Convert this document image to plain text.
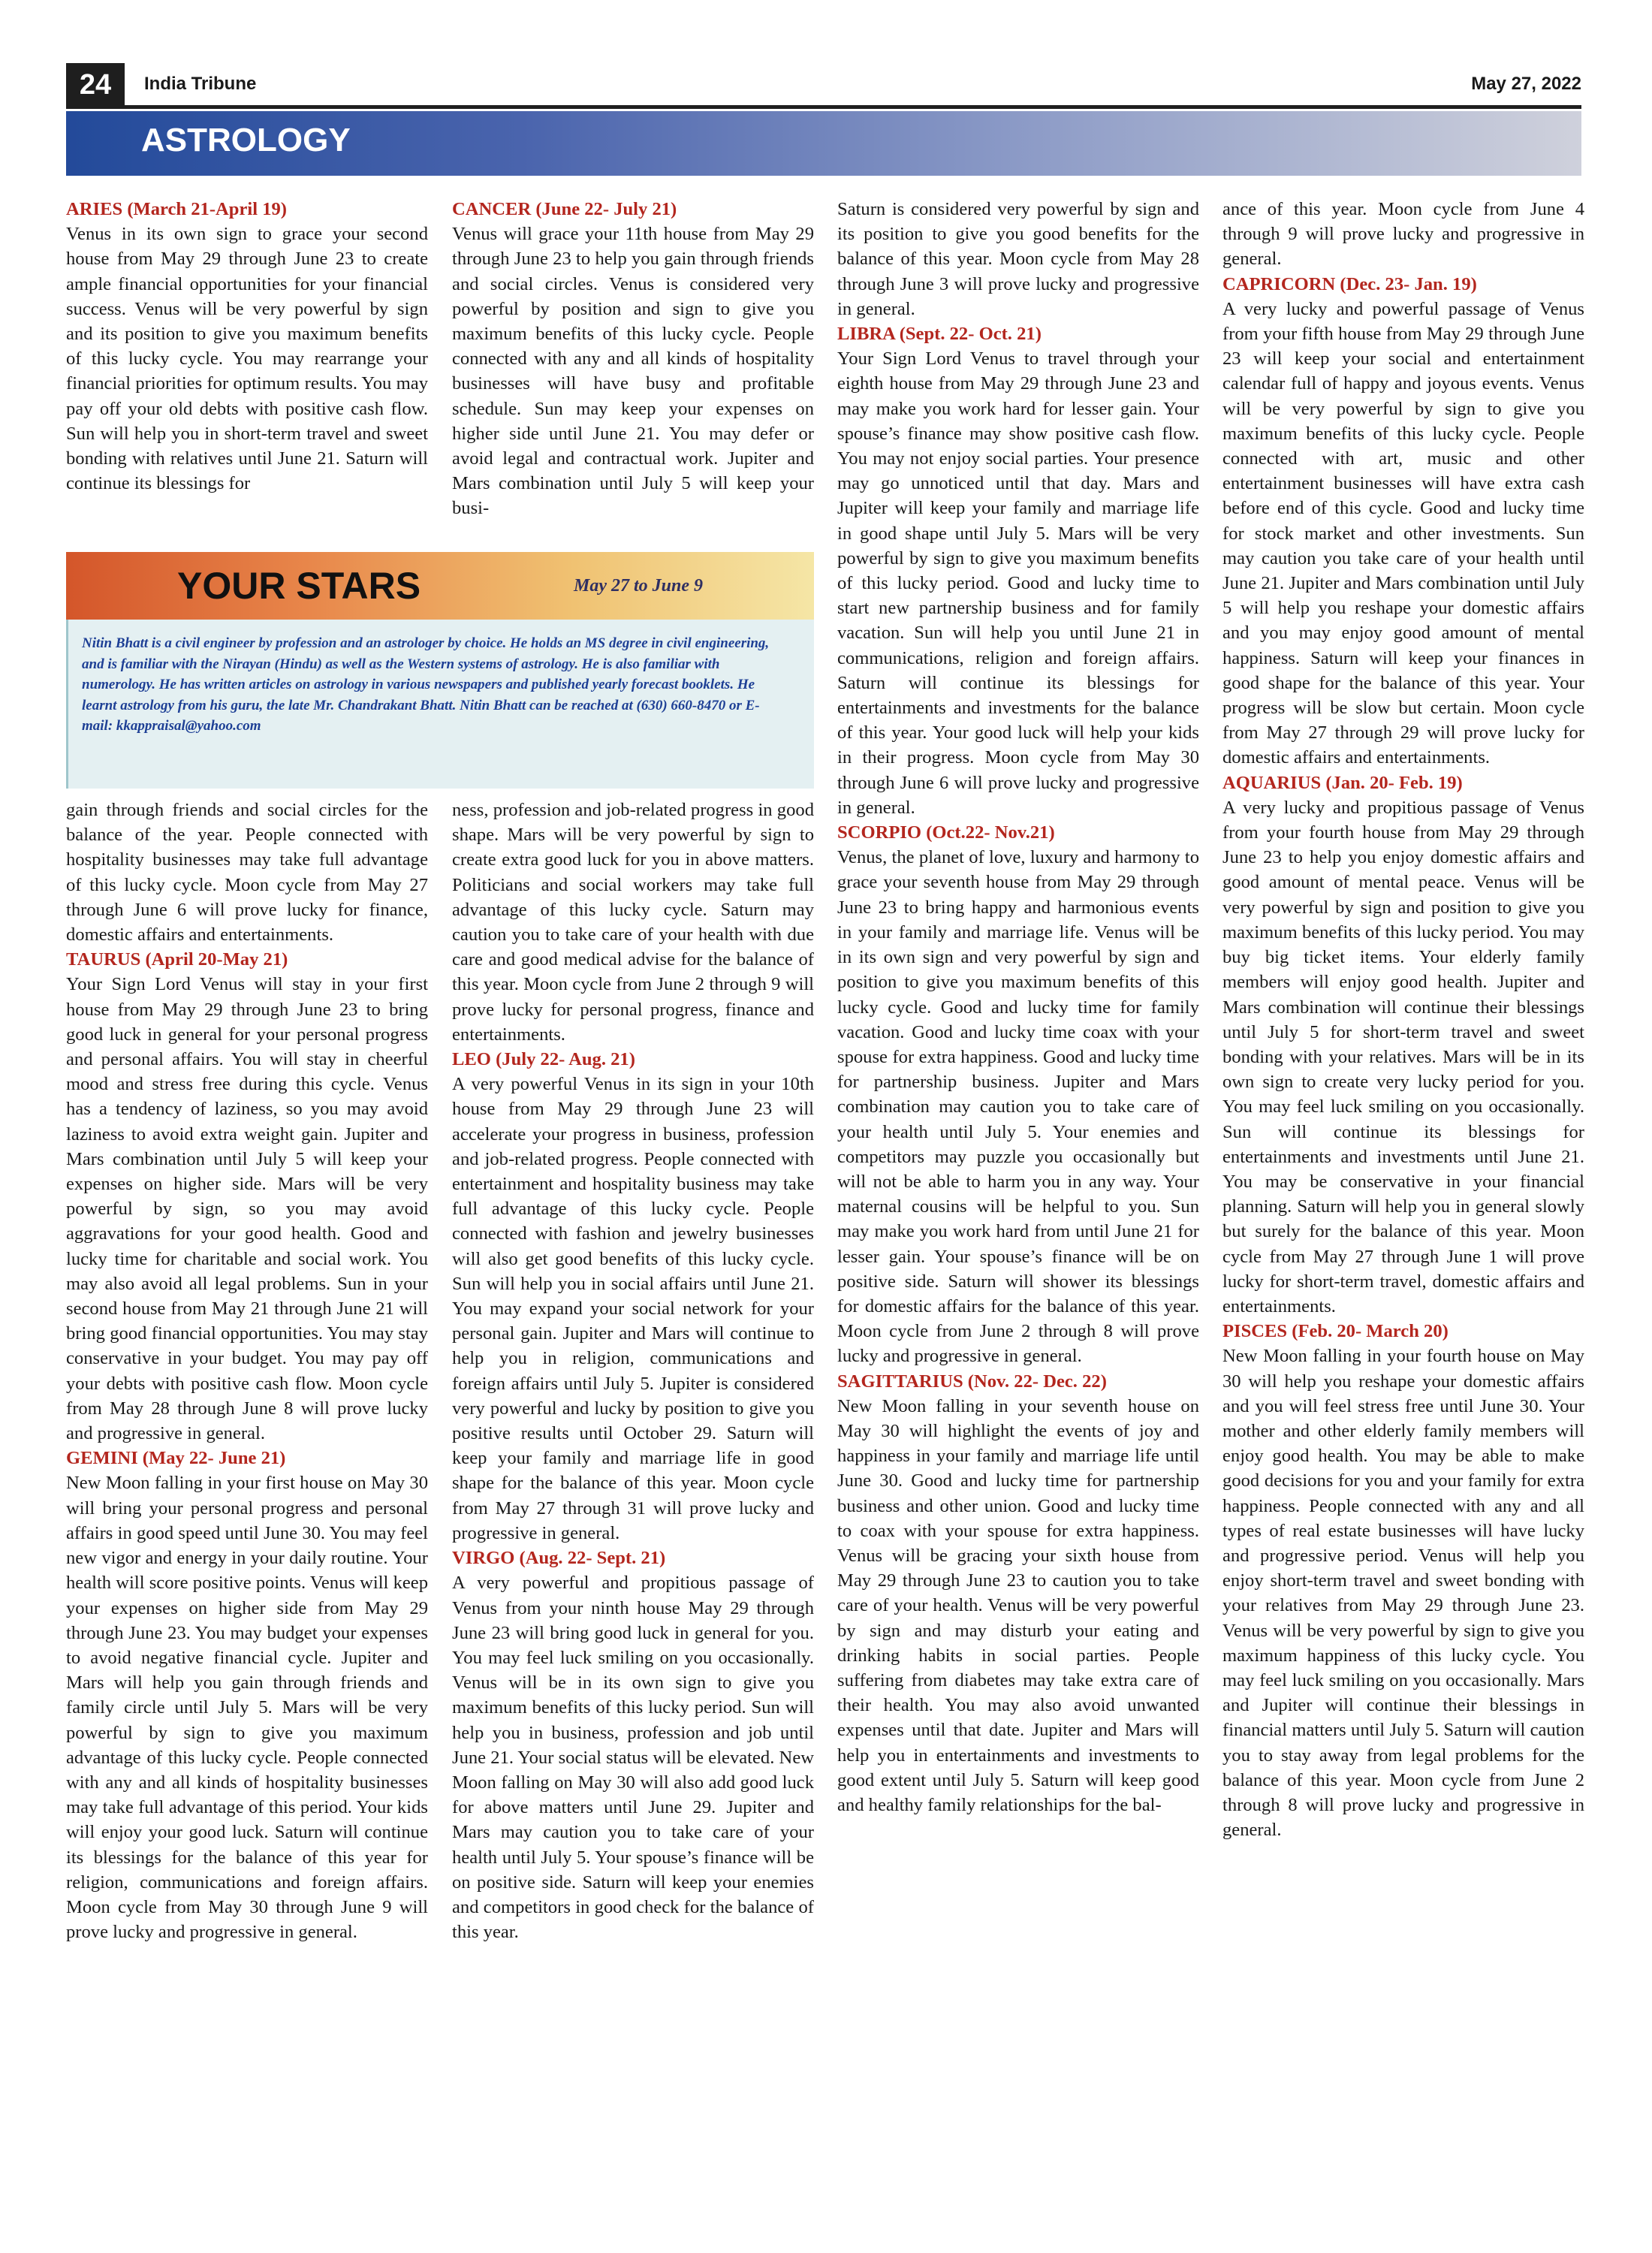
24	India Tribune	May 27, 2022
ASTROLOGY

ARIES (March 21-April 19)

Venus in its own sign to grace your second house from May 29 through June 23 to create ample financial opportunities for your financial success. Venus will be very powerful by sign and its position to give you maximum benefits of this lucky cycle. You may rearrange your financial priorities for optimum results. You may pay off your old debts with positive cash flow. Sun will help you in short-term travel and sweet bonding with relatives until June 21. Saturn will continue its blessings for

CANCER (June 22- July 21)

Venus will grace your 11th house from May 29 through June 23 to help you gain through friends and social circles. Venus is considered very powerful by position and sign to give you maximum benefits of this lucky cycle. People connected with any and all kinds of hospitality businesses will have busy and profitable schedule. Sun may keep your expenses on higher side until June 21. You may defer or avoid legal and contractual work. Jupiter and Mars combination until July 5 will keep your busi-

YOUR STARS	May 27 to June 9

Nitin Bhatt is a civil engineer by profession and an astrologer by choice. He holds an MS degree in civil engineering, and is familiar with the Nirayan (Hindu) as well as the Western systems of astrology. He is also familiar with numerology. He has written articles on astrology in various newspapers and published yearly forecast booklets. He learnt astrology from his guru, the late Mr. Chandrakant Bhatt. Nitin Bhatt can be reached at (630) 660-8470 or E-mail: kkappraisal@yahoo.com

gain through friends and social circles for the balance of the year. People connected with hospitality businesses may take full advantage of this lucky cycle. Moon cycle from May 27 through June 6 will prove lucky for finance, domestic affairs and entertainments.

TAURUS (April 20-May 21)

Your Sign Lord Venus will stay in your first house from May 29 through June 23 to bring good luck in general for your personal progress and personal affairs. You will stay in cheerful mood and stress free during this cycle. Venus has a tendency of laziness, so you may avoid laziness to avoid extra weight gain. Jupiter and Mars combination until July 5 will keep your expenses on higher side. Mars will be very powerful by sign, so you may avoid aggravations for your good health. Good and lucky time for charitable and social work. You may also avoid all legal problems. Sun in your second house from May 21 through June 21 will bring good financial opportunities. You may stay conservative in your budget. You may pay off your debts with positive cash flow. Moon cycle from May 28 through June 8 will prove lucky and progressive in general.

GEMINI (May 22- June 21)

New Moon falling in your first house on May 30 will bring your personal progress and personal affairs in good speed until June 30. You may feel new vigor and energy in your daily routine. Your health will score positive points. Venus will keep your expenses on higher side from May 29 through June 23. You may budget your expenses to avoid negative financial cycle. Jupiter and Mars will help you gain through friends and family circle until July 5. Mars will be very powerful by sign to give you maximum advantage of this lucky cycle. People connected with any and all kinds of hospitality businesses may take full advantage of this period. Your kids will enjoy your good luck. Saturn will continue its blessings for the balance of this year for religion, communications and foreign affairs. Moon cycle from May 30 through June 9 will prove lucky and progressive in general.

ness, profession and job-related progress in good shape. Mars will be very powerful by sign to create extra good luck for you in above matters. Politicians and social workers may take full advantage of this lucky cycle. Saturn may caution you to take care of your health with due care and good medical advise for the balance of this year. Moon cycle from June 2 through 9 will prove lucky for personal progress, finance and entertainments.

LEO (July 22- Aug. 21)

A very powerful Venus in its sign in your 10th house from May 29 through June 23 will accelerate your progress in business, profession and job-related progress. People connected with entertainment and hospitality business may take full advantage of this lucky cycle. People connected with fashion and jewelry businesses will also get good benefits of this lucky cycle. Sun will help you in social affairs until June 21. You may expand your social network for your personal gain. Jupiter and Mars will continue to help you in religion, communications and foreign affairs until July 5. Jupiter is considered very powerful and lucky by position to give you positive results until October 29. Saturn will keep your family and marriage life in good shape for the balance of this year. Moon cycle from May 27 through 31 will prove lucky and progressive in general.

VIRGO (Aug. 22- Sept. 21)

A very powerful and propitious passage of Venus from your ninth house May 29 through June 23 will bring good luck in general for you. You may feel luck smiling on you occasionally. Venus will be in its own sign to give you maximum benefits of this lucky period. Sun will help you in business, profession and job until June 21. Your social status will be elevated. New Moon falling on May 30 will also add good luck for above matters until June 29. Jupiter and Mars may caution you to take care of your health until July 5. Your spouse’s finance will be on positive side. Saturn will keep your enemies and competitors in good check for the balance of this year.

Saturn is considered very powerful by sign and its position to give you good benefits for the balance of this year. Moon cycle from May 28 through June 3 will prove lucky and progressive in general.

LIBRA (Sept. 22- Oct. 21)

Your Sign Lord Venus to travel through your eighth house from May 29 through June 23 and may make you work hard for lesser gain. Your spouse’s finance may show positive cash flow. You may not enjoy social parties. Your presence may go unnoticed until that day. Mars and Jupiter will keep your family and marriage life in good shape until July 5. Mars will be very powerful by sign to give you maximum benefits of this lucky period. Good and lucky time to start new partnership business and for family vacation. Sun will help you until June 21 in communications, religion and foreign affairs. Saturn will continue its blessings for entertainments and investments for the balance of this year. Your good luck will help your kids in their progress. Moon cycle from May 30 through June 6 will prove lucky and progressive in general.

SCORPIO (Oct.22- Nov.21)

Venus, the planet of love, luxury and harmony to grace your seventh house from May 29 through June 23 to bring happy and harmonious events in your family and marriage life. Venus will be in its own sign and very powerful by sign and position to give you maximum benefits of this lucky cycle. Good and lucky time for family vacation. Good and lucky time coax with your spouse for extra happiness. Good and lucky time for partnership business. Jupiter and Mars combination may caution you to take care of your health until July 5. Your enemies and competitors may puzzle you occasionally but will not be able to harm you in any way. Your maternal cousins will be helpful to you. Sun may make you work hard from until June 21 for lesser gain. Your spouse’s finance will be on positive side. Saturn will shower its blessings for domestic affairs for the balance of this year. Moon cycle from June 2 through 8 will prove lucky and progressive in general.

SAGITTARIUS (Nov. 22- Dec. 22)

New Moon falling in your seventh house on May 30 will highlight the events of joy and happiness in your family and marriage life until June 30. Good and lucky time for partnership business and other union. Good and lucky time to coax with your spouse for extra happiness. Venus will be gracing your sixth house from May 29 through June 23 to caution you to take care of your health. Venus will be very powerful by sign and may disturb your eating and drinking habits in social parties. People suffering from diabetes may take extra care of their health. You may also avoid unwanted expenses until that date. Jupiter and Mars will help you in entertainments and investments to good extent until July 5. Saturn will keep good and healthy family relationships for the bal-

ance of this year. Moon cycle from June 4 through 9 will prove lucky and progressive in general.

CAPRICORN (Dec. 23- Jan. 19)

A very lucky and powerful passage of Venus from your fifth house from May 29 through June 23 will keep your social and entertainment calendar full of happy and joyous events. Venus will be very powerful by sign to give you maximum benefits of this lucky cycle. People connected with art, music and other entertainment businesses will have extra cash before end of this cycle. Good and lucky time for stock market and other investments. Sun may caution you take care of your health until June 21. Jupiter and Mars combination until July 5 will help you reshape your domestic affairs and you may enjoy good amount of mental happiness. Saturn will keep your finances in good shape for the balance of this year. Your progress will be slow but certain. Moon cycle from May 27 through 29 will prove lucky for domestic affairs and entertainments.

AQUARIUS (Jan. 20- Feb. 19)

A very lucky and propitious passage of Venus from your fourth house from May 29 through June 23 to help you enjoy domestic affairs and good amount of mental peace. Venus will be very powerful by sign and position to give you maximum benefits of this lucky period. You may buy big ticket items. Your elderly family members will enjoy good health. Jupiter and Mars combination will continue their blessings until July 5 for short-term travel and sweet bonding with your relatives. Mars will be in its own sign to create very lucky period for you. You may feel luck smiling on you occasionally. Sun will continue its blessings for entertainments and investments until June 21. You may be conservative in your financial planning. Saturn will help you in general slowly but surely for the balance of this year. Moon cycle from May 27 through June 1 will prove lucky for short-term travel, domestic affairs and entertainments.

PISCES (Feb. 20- March 20)

New Moon falling in your fourth house on May 30 will help you reshape your domestic affairs and you will feel stress free until June 30. Your mother and other elderly family members will enjoy good health. You may be able to make good decisions for you and your family for extra happiness. People connected with any and all types of real estate businesses will have lucky and progressive period. Venus will help you enjoy short-term travel and sweet bonding with your relatives from May 29 through June 23. Venus will be very powerful by sign to give you maximum happiness of this lucky cycle. You may feel luck smiling on you occasionally. Mars and Jupiter will continue their blessings in financial matters until July 5. Saturn will caution you to stay away from legal problems for the balance of this year. Moon cycle from June 2 through 8 will prove lucky and progressive in general.
